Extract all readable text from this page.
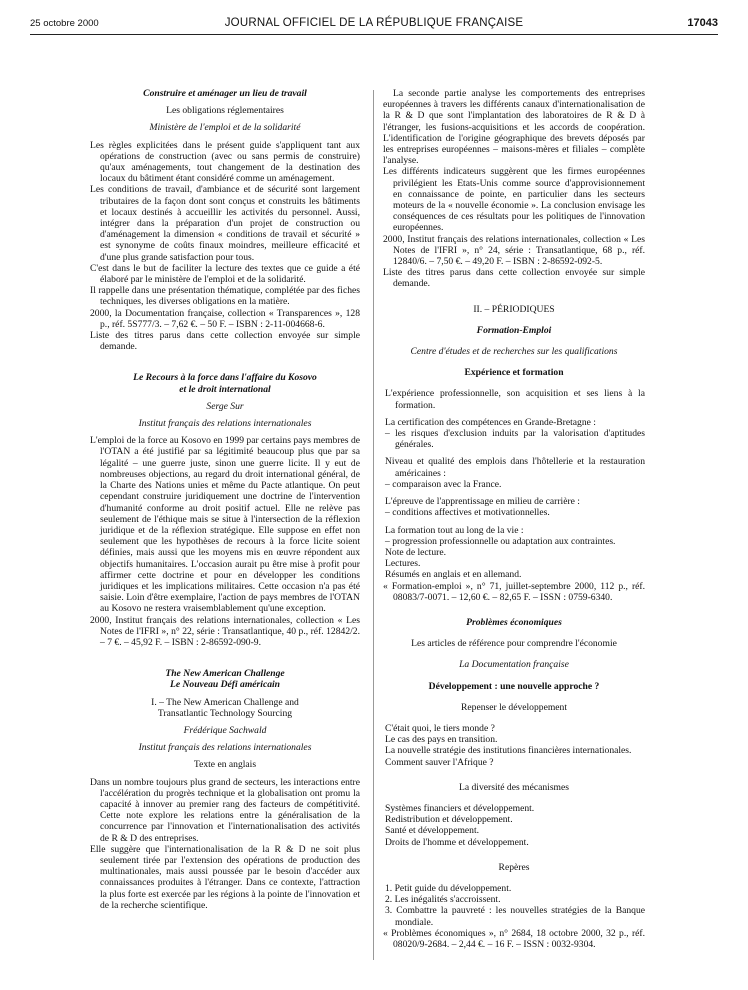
25 octobre 2000	JOURNAL OFFICIEL DE LA RÉPUBLIQUE FRANÇAISE	17043
Construire et aménager un lieu de travail
Les obligations réglementaires
Ministère de l'emploi et de la solidarité

Les règles explicitées dans le présent guide s'appliquent tant aux opérations de construction (avec ou sans permis de construire) qu'aux aménagements, tout changement de la destination des locaux du bâtiment étant considéré comme un aménagement.

Les conditions de travail, d'ambiance et de sécurité sont largement tributaires de la façon dont sont conçus et construits les bâtiments et locaux destinés à accueillir les activités du personnel. Aussi, intégrer dans la préparation d'un projet de construction ou d'aménagement la dimension « conditions de travail et sécurité » est synonyme de coûts finaux moindres, meilleure efficacité et d'une plus grande satisfaction pour tous.

C'est dans le but de faciliter la lecture des textes que ce guide a été élaboré par le ministère de l'emploi et de la solidarité.

Il rappelle dans une présentation thématique, complétée par des fiches techniques, les diverses obligations en la matière.

2000, la Documentation française, collection « Transparences », 128 p., réf. 5S777/3. – 7,62 €. – 50 F. – ISBN : 2-11-004668-6.

Liste des titres parus dans cette collection envoyée sur simple demande.

Le Recours à la force dans l'affaire du Kosovo
et le droit international
Serge Sur
Institut français des relations internationales

L'emploi de la force au Kosovo en 1999 par certains pays membres de l'OTAN a été justifié par sa légitimité beaucoup plus que par sa légalité – une guerre juste, sinon une guerre licite. Il y eut de nombreuses objections, au regard du droit international général, de la Charte des Nations unies et même du Pacte atlantique. On peut cependant construire juridiquement une doctrine de l'intervention d'humanité conforme au droit positif actuel. Elle ne relève pas seulement de l'éthique mais se situe à l'intersection de la réflexion juridique et de la réflexion stratégique. Elle suppose en effet non seulement que les hypothèses de recours à la force licite soient définies, mais aussi que les moyens mis en œuvre répondent aux objectifs humanitaires. L'occasion aurait pu être mise à profit pour affirmer cette doctrine et pour en développer les conditions juridiques et les implications militaires. Cette occasion n'a pas été saisie. Loin d'être exemplaire, l'action de pays membres de l'OTAN au Kosovo ne restera vraisemblablement qu'une exception.

2000, Institut français des relations internationales, collection « Les Notes de l'IFRI », n° 22, série : Transatlantique, 40 p., réf. 12842/2. – 7 €. – 45,92 F. – ISBN : 2-86592-090-9.

The New American Challenge
Le Nouveau Défi américain
I. – The New American Challenge and
Transatlantic Technology Sourcing
Frédérique Sachwald
Institut français des relations internationales
Texte en anglais

Dans un nombre toujours plus grand de secteurs, les interactions entre l'accélération du progrès technique et la globalisation ont promu la capacité à innover au premier rang des facteurs de compétitivité. Cette note explore les relations entre la généralisation de la concurrence par l'innovation et l'internationalisation des activités de R & D des entreprises.

Elle suggère que l'internationalisation de la R & D ne soit plus seulement tirée par l'extension des opérations de production des multinationales, mais aussi poussée par le besoin d'accéder aux connaissances produites à l'étranger. Dans ce contexte, l'attraction la plus forte est exercée par les régions à la pointe de l'innovation et de la recherche scientifique.

La seconde partie analyse les comportements des entreprises européennes à travers les différents canaux d'internationalisation de la R & D que sont l'implantation des laboratoires de R & D à l'étranger, les fusions-acquisitions et les accords de coopération. L'identification de l'origine géographique des brevets déposés par les entreprises européennes – maisons-mères et filiales – complète l'analyse.

Les différents indicateurs suggèrent que les firmes européennes privilégient les Etats-Unis comme source d'approvisionnement en connaissance de pointe, en particulier dans les secteurs moteurs de la « nouvelle économie ». La conclusion envisage les conséquences de ces résultats pour les politiques de l'innovation européennes.

2000, Institut français des relations internationales, collection « Les Notes de l'IFRI », n° 24, série : Transatlantique, 68 p., réf. 12840/6. – 7,50 €. – 49,20 F. – ISBN : 2-86592-092-5.

Liste des titres parus dans cette collection envoyée sur simple demande.

II. – PÉRIODIQUES
Formation-Emploi
Centre d'études et de recherches sur les qualifications
Expérience et formation

L'expérience professionnelle, son acquisition et ses liens à la formation.

La certification des compétences en Grande-Bretagne :

– les risques d'exclusion induits par la valorisation d'aptitudes générales.

Niveau et qualité des emplois dans l'hôtellerie et la restauration américaines :

– comparaison avec la France.

L'épreuve de l'apprentissage en milieu de carrière :

– conditions affectives et motivationnelles.

La formation tout au long de la vie :

– progression professionnelle ou adaptation aux contraintes.

Note de lecture.

Lectures.

Résumés en anglais et en allemand.

« Formation-emploi », n° 71, juillet-septembre 2000, 112 p., réf. 08083/7-0071. – 12,60 €. – 82,65 F. – ISSN : 0759-6340.

Problèmes économiques
Les articles de référence pour comprendre l'économie
La Documentation française
Développement : une nouvelle approche ?
Repenser le développement

C'était quoi, le tiers monde ?

Le cas des pays en transition.

La nouvelle stratégie des institutions financières internationales.

Comment sauver l'Afrique ?

La diversité des mécanismes

Systèmes financiers et développement.

Redistribution et développement.

Santé et développement.

Droits de l'homme et développement.

Repères

1. Petit guide du développement.

2. Les inégalités s'accroissent.

3. Combattre la pauvreté : les nouvelles stratégies de la Banque mondiale.

« Problèmes économiques », n° 2684, 18 octobre 2000, 32 p., réf. 08020/9-2684. – 2,44 €. – 16 F. – ISSN : 0032-9304.
